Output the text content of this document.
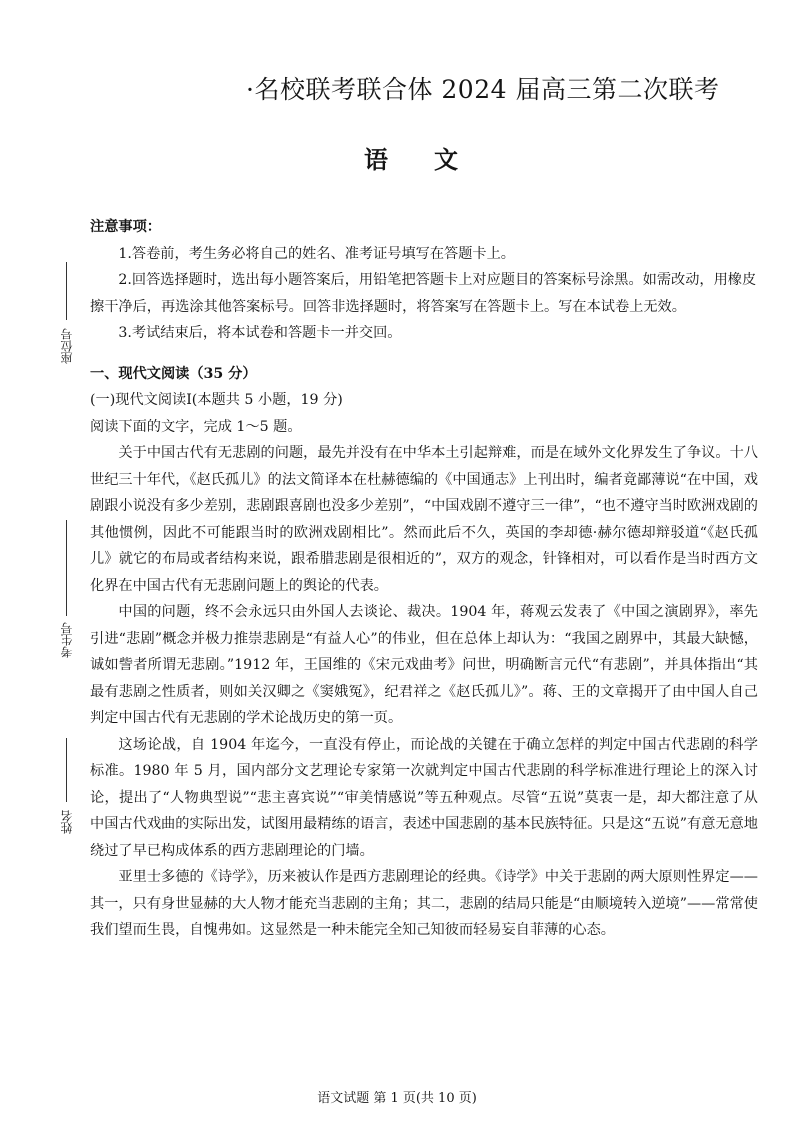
·名校联考联合体 2024 届高三第二次联考
语文
座位号
考生号
姓名

注意事项：

1.答卷前，考生务必将自己的姓名、准考证号填写在答题卡上。

2.回答选择题时，选出每小题答案后，用铅笔把答题卡上对应题目的答案标号涂黑。如需改动，用橡皮擦干净后，再选涂其他答案标号。回答非选择题时，将答案写在答题卡上。写在本试卷上无效。

3.考试结束后，将本试卷和答题卡一并交回。

一、现代文阅读（35 分）

(一)现代文阅读Ⅰ(本题共 5 小题，19 分)

阅读下面的文字，完成 1～5 题。

关于中国古代有无悲剧的问题，最先并没有在中华本土引起辩难，而是在域外文化界发生了争议。十八世纪三十年代，《赵氏孤儿》的法文简译本在杜赫德编的《中国通志》上刊出时，编者竟鄙薄说“在中国，戏剧跟小说没有多少差别，悲剧跟喜剧也没多少差别”，“中国戏剧不遵守三一律”，“也不遵守当时欧洲戏剧的其他惯例，因此不可能跟当时的欧洲戏剧相比”。然而此后不久，英国的李却德·赫尔德却辩驳道“《赵氏孤儿》就它的布局或者结构来说，跟希腊悲剧是很相近的”，双方的观念，针锋相对，可以看作是当时西方文化界在中国古代有无悲剧问题上的舆论的代表。

中国的问题，终不会永远只由外国人去谈论、裁决。1904 年，蒋观云发表了《中国之演剧界》，率先引进“悲剧”概念并极力推崇悲剧是“有益人心”的伟业，但在总体上却认为：“我国之剧界中，其最大缺憾，诚如訾者所谓无悲剧。”1912 年，王国维的《宋元戏曲考》问世，明确断言元代“有悲剧”，并具体指出“其最有悲剧之性质者，则如关汉卿之《窦娥冤》，纪君祥之《赵氏孤儿》”。蒋、王的文章揭开了由中国人自己判定中国古代有无悲剧的学术论战历史的第一页。

这场论战，自 1904 年迄今，一直没有停止，而论战的关键在于确立怎样的判定中国古代悲剧的科学标准。1980 年 5 月，国内部分文艺理论专家第一次就判定中国古代悲剧的科学标准进行理论上的深入讨论，提出了“人物典型说”“悲主喜宾说”“审美情感说”等五种观点。尽管“五说”莫衷一是，却大都注意了从中国古代戏曲的实际出发，试图用最精练的语言，表述中国悲剧的基本民族特征。只是这“五说”有意无意地绕过了早已构成体系的西方悲剧理论的门墙。

亚里士多德的《诗学》，历来被认作是西方悲剧理论的经典。《诗学》中关于悲剧的两大原则性界定——其一，只有身世显赫的大人物才能充当悲剧的主角；其二，悲剧的结局只能是“由顺境转入逆境”——常常使我们望而生畏，自愧弗如。这显然是一种未能完全知己知彼而轻易妄自菲薄的心态。

语文试题 第 1 页(共 10 页)
